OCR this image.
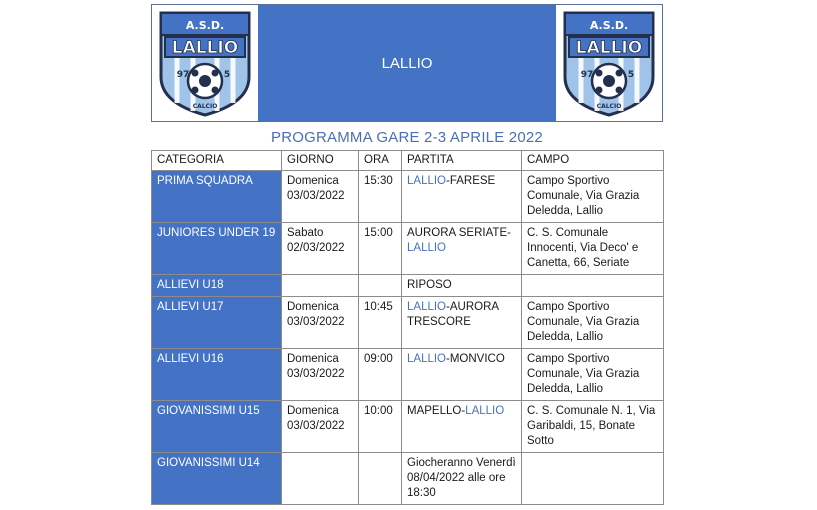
A.S.D.
LALLIO
97	5
CALCIO
LALLIO
A.S.D.
LALLIO
97	5
CALCIO
PROGRAMMA GARE 2-3 APRILE 2022
CATEGORIA	GIORNO	ORA	PARTITA	CAMPO
PRIMA SQUADRA	Domenica 03/03/2022	15:30	LALLIO-FARESE	Campo Sportivo Comunale, Via Grazia Deledda, Lallio
JUNIORES UNDER 19	Sabato 02/03/2022	15:00	AURORA SERIATE-LALLIO	C. S. Comunale Innocenti, Via Deco' e Canetta, 66, Seriate
ALLIEVI U18			RIPOSO	
ALLIEVI U17	Domenica 03/03/2022	10:45	LALLIO-AURORA TRESCORE	Campo Sportivo Comunale, Via Grazia Deledda, Lallio
ALLIEVI U16	Domenica 03/03/2022	09:00	LALLIO-MONVICO	Campo Sportivo Comunale, Via Grazia Deledda, Lallio
GIOVANISSIMI U15	Domenica 03/03/2022	10:00	MAPELLO-LALLIO	C. S. Comunale N. 1, Via Garibaldi, 15, Bonate Sotto
GIOVANISSIMI U14			Giocheranno Venerdì 08/04/2022 alle ore 18:30	
